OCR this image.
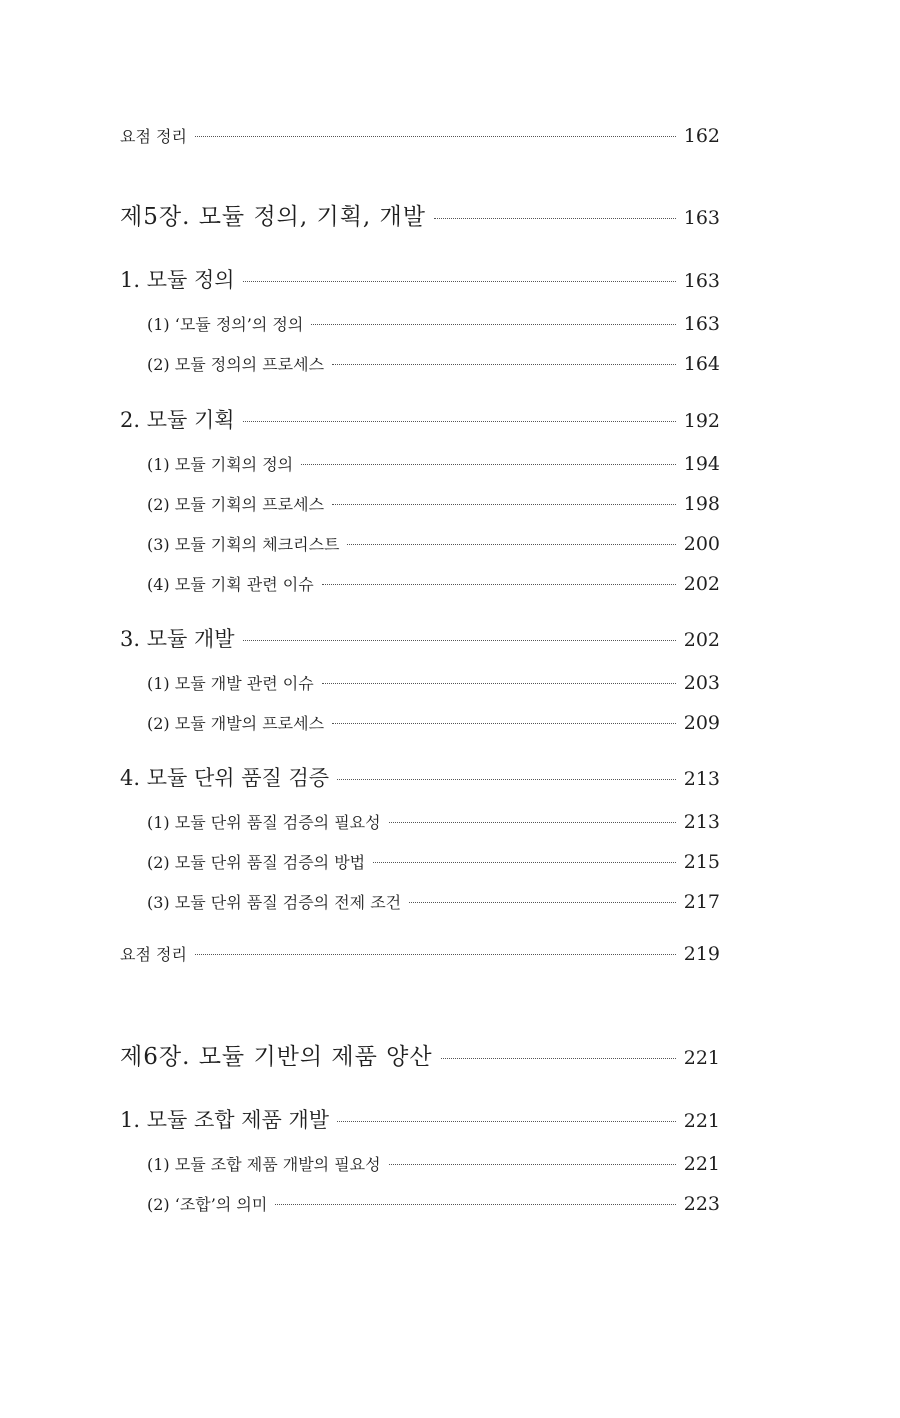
요점 정리	162
제5장. 모듈 정의, 기획, 개발	163
1. 모듈 정의	163
(1) ‘모듈 정의’의 정의	163
(2) 모듈 정의의 프로세스	164
2. 모듈 기획	192
(1) 모듈 기획의 정의	194
(2) 모듈 기획의 프로세스	198
(3) 모듈 기획의 체크리스트	200
(4) 모듈 기획 관련 이슈	202
3. 모듈 개발	202
(1) 모듈 개발 관련 이슈	203
(2) 모듈 개발의 프로세스	209
4. 모듈 단위 품질 검증	213
(1) 모듈 단위 품질 검증의 필요성	213
(2) 모듈 단위 품질 검증의 방법	215
(3) 모듈 단위 품질 검증의 전제 조건	217
요점 정리	219
제6장. 모듈 기반의 제품 양산	221
1. 모듈 조합 제품 개발	221
(1) 모듈 조합 제품 개발의 필요성	221
(2) ‘조합’의 의미	223
